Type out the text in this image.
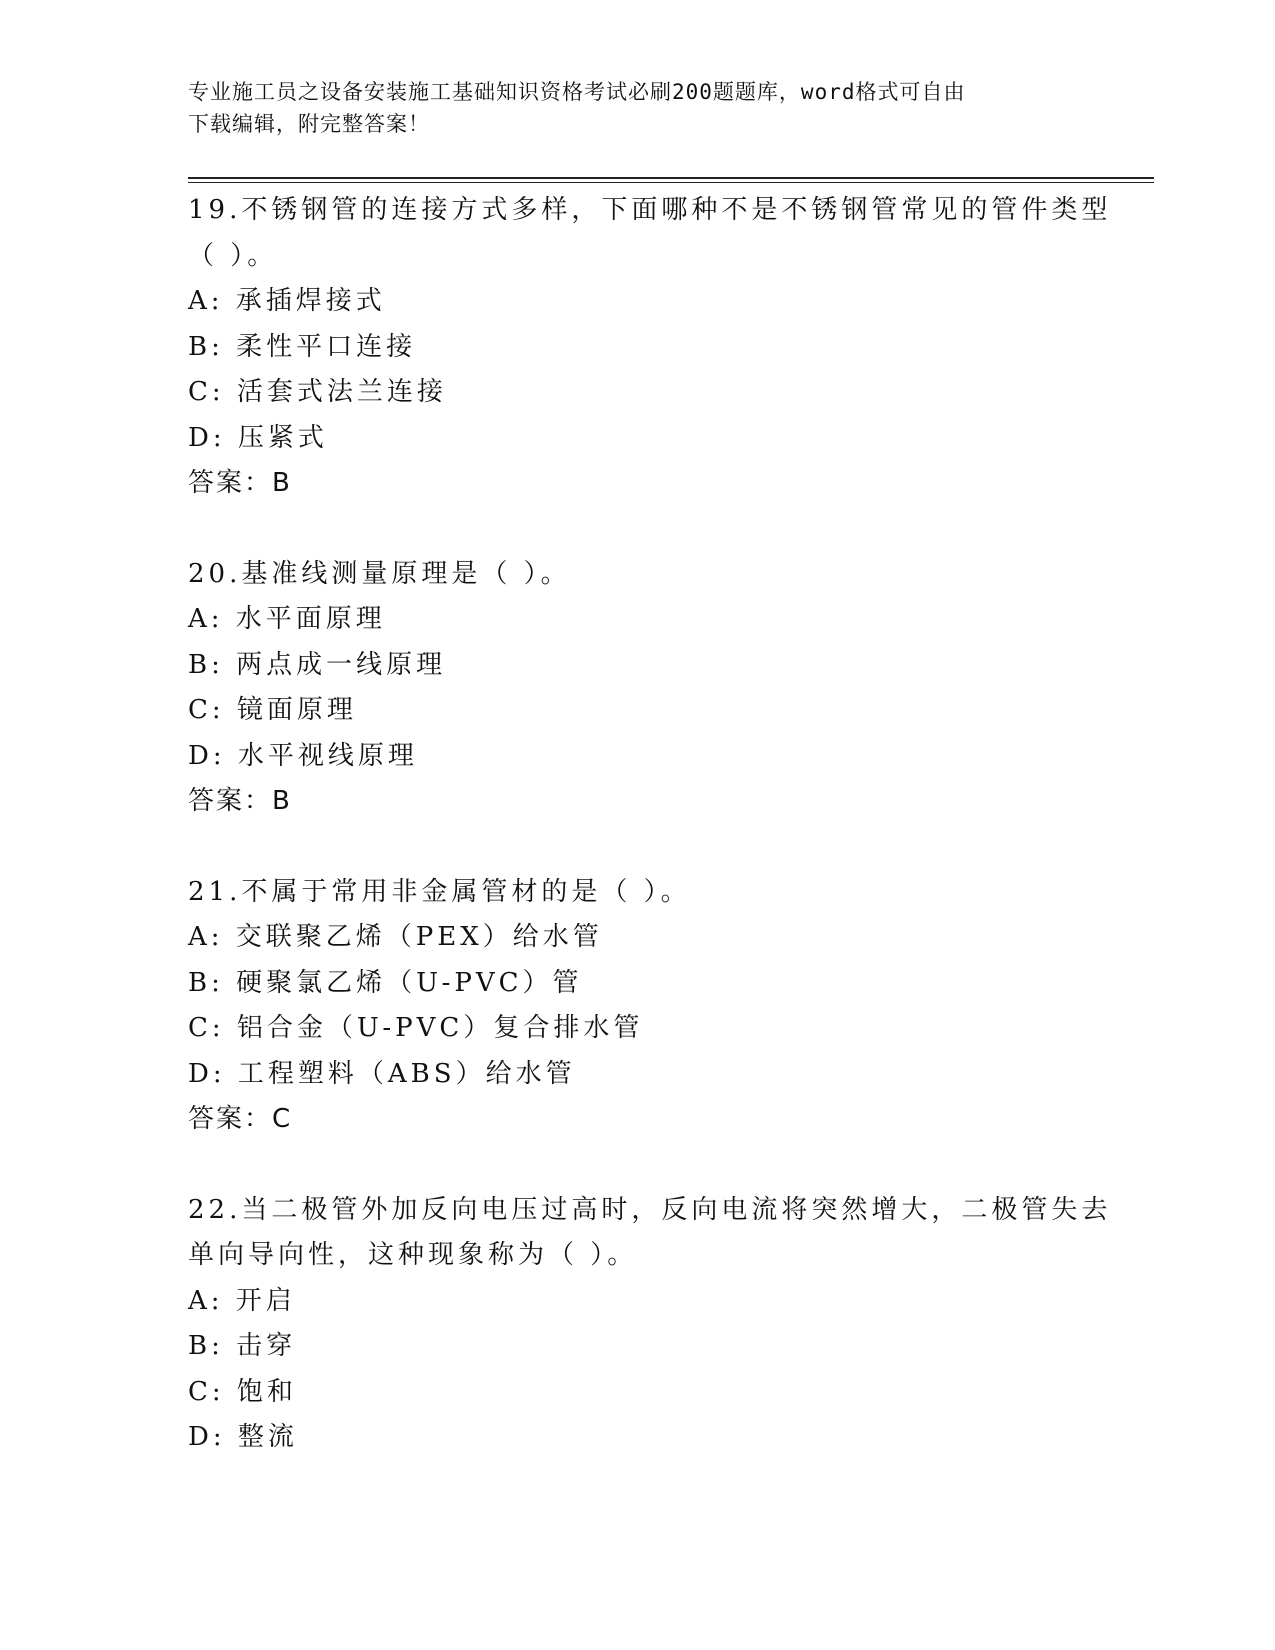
专业施工员之设备安装施工基础知识资格考试必刷200题题库，word格式可自由
下载编辑，附完整答案！
19.不锈钢管的连接方式多样，下面哪种不是不锈钢管常见的管件类型
（ ）。
A: 承插焊接式
B: 柔性平口连接
C: 活套式法兰连接
D: 压紧式
答案：B
20.基准线测量原理是（ ）。
A: 水平面原理
B: 两点成一线原理
C: 镜面原理
D: 水平视线原理
答案：B
21.不属于常用非金属管材的是（ ）。
A: 交联聚乙烯（PEX）给水管
B: 硬聚氯乙烯（U-PVC）管
C: 铝合金（U-PVC）复合排水管
D: 工程塑料（ABS）给水管
答案：C
22.当二极管外加反向电压过高时，反向电流将突然增大，二极管失去
单向导向性，这种现象称为（ ）。
A: 开启
B: 击穿
C: 饱和
D: 整流
